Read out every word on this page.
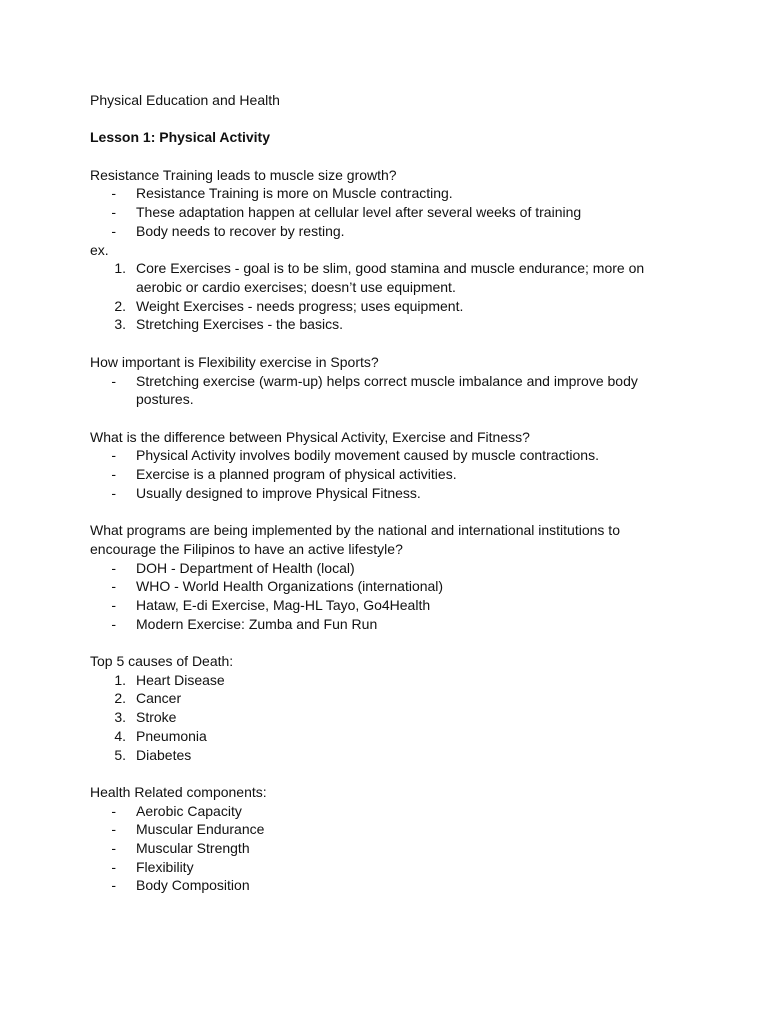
Physical Education and Health

Lesson 1: Physical Activity

Resistance Training leads to muscle size growth?

- Resistance Training is more on Muscle contracting.
- These adaptation happen at cellular level after several weeks of training
- Body needs to recover by resting.

ex.

1. Core Exercises - goal is to be slim, good stamina and muscle endurance; more on aerobic or cardio exercises; doesn’t use equipment.
2. Weight Exercises - needs progress; uses equipment.
3. Stretching Exercises - the basics.

How important is Flexibility exercise in Sports?

- Stretching exercise (warm-up) helps correct muscle imbalance and improve body postures.

What is the difference between Physical Activity, Exercise and Fitness?

- Physical Activity involves bodily movement caused by muscle contractions.
- Exercise is a planned program of physical activities.
- Usually designed to improve Physical Fitness.

What programs are being implemented by the national and international institutions to encourage the Filipinos to have an active lifestyle?

- DOH - Department of Health (local)
- WHO - World Health Organizations (international)
- Hataw, E-di Exercise, Mag-HL Tayo, Go4Health
- Modern Exercise: Zumba and Fun Run

Top 5 causes of Death:

1. Heart Disease
2. Cancer
3. Stroke
4. Pneumonia
5. Diabetes

Health Related components:

- Aerobic Capacity
- Muscular Endurance
- Muscular Strength
- Flexibility
- Body Composition
